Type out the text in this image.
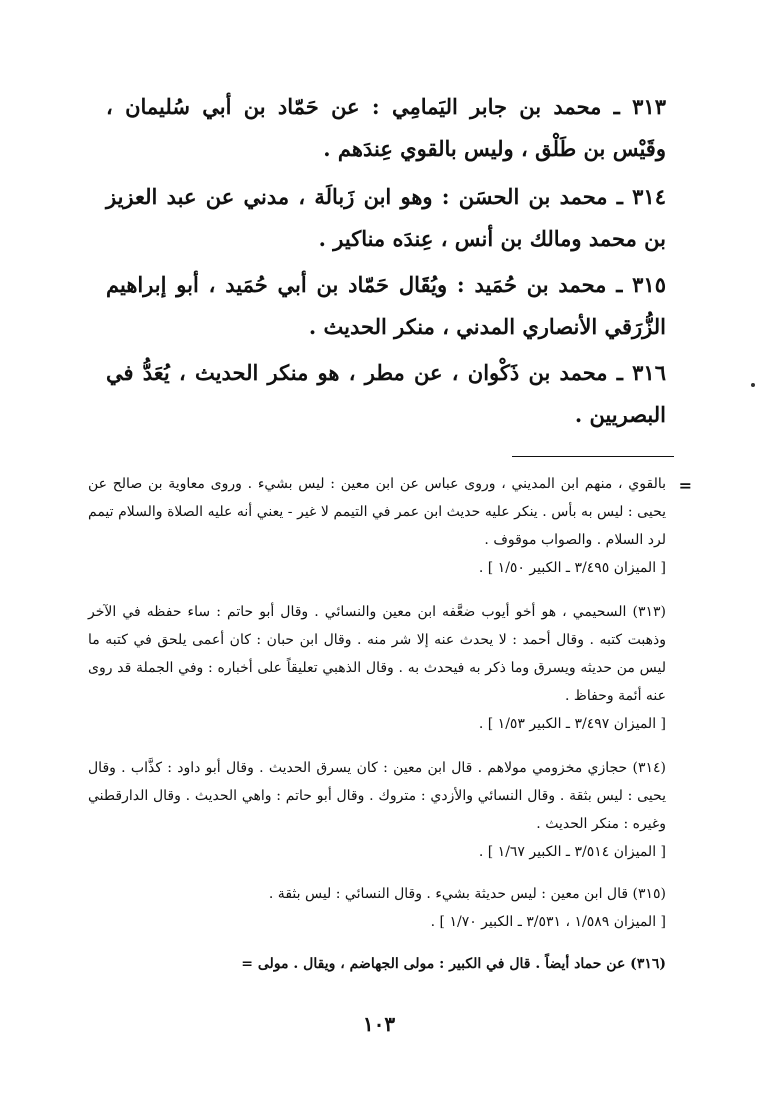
٣١٣ ـ محمد بن جابر اليَمامِي : عن حَمّاد بن أبي سُليمان ، وقَيْس بن طَلْق ، وليس بالقوي عِندَهم .
٣١٤ ـ محمد بن الحسَن : وهو ابن زَبالَة ، مدني عن عبد العزيز بن محمد ومالك بن أنس ، عِندَه مناكير .
٣١٥ ـ محمد بن حُمَيد : ويُقَال حَمّاد بن أبي حُمَيد ، أبو إبراهيم الزُّرَقي الأنصاري المدني ، منكر الحديث .
٣١٦ ـ محمد بن ذَكْوان ، عن مطر ، هو منكر الحديث ، يُعَدُّ في البصريين .
=
بالقوي ، منهم ابن المديني ، وروى عباس عن ابن معين : ليس بشيء . وروى معاوية بن صالح عن يحيى : ليس به بأس . ينكر عليه حديث ابن عمر في التيمم لا غير - يعني أنه عليه الصلاة والسلام تيمم لرد السلام . والصواب موقوف .
[ الميزان ٣/٤٩٥ ـ الكبير ١/٥٠ ] .
(٣١٣) السحيمي ، هو أخو أيوب ضعَّفه ابن معين والنسائي . وقال أبو حاتم : ساء حفظه في الآخر وذهبت كتبه . وقال أحمد : لا يحدث عنه إلا شر منه . وقال ابن حبان : كان أعمى يلحق في كتبه ما ليس من حديثه ويسرق وما ذكر به فيحدث به . وقال الذهبي تعليقاً على أخباره : وفي الجملة قد روى عنه أئمة وحفاظ .
[ الميزان ٣/٤٩٧ ـ الكبير ١/٥٣ ] .
(٣١٤) حجازي مخزومي مولاهم . قال ابن معين : كان يسرق الحديث . وقال أبو داود : كذَّاب . وقال يحيى : ليس بثقة . وقال النسائي والأزدي : متروك . وقال أبو حاتم : واهي الحديث . وقال الدارقطني وغيره : منكر الحديث .
[ الميزان ٣/٥١٤ ـ الكبير ١/٦٧ ] .
(٣١٥) قال ابن معين : ليس حديثة بشيء . وقال النسائي : ليس بثقة .
[ الميزان ١/٥٨٩ ، ٣/٥٣١ ـ الكبير ١/٧٠ ] .
(٣١٦) عن حماد أيضاً . قال في الكبير : مولى الجهاضم ، ويقال . مولى =
١٠٣
